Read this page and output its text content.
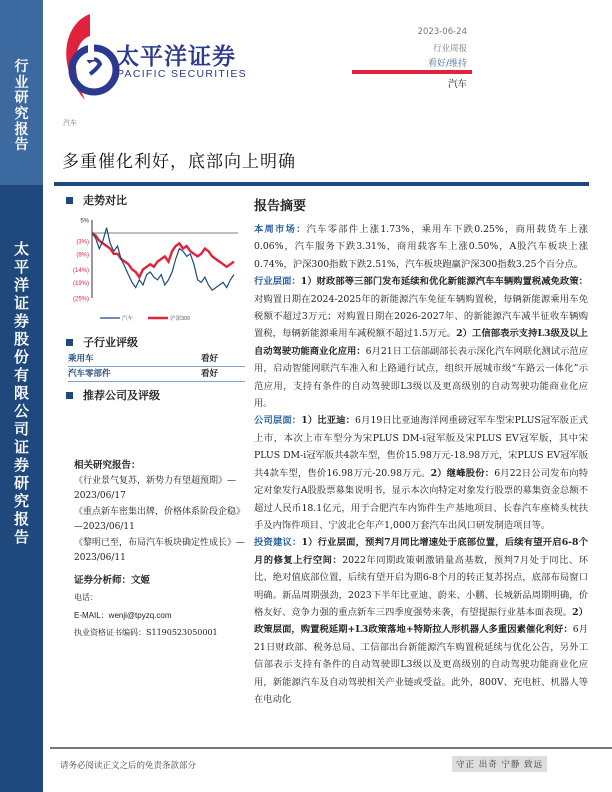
行
业
研
究
报
告
太
平
洋
证
券
股
份
有
限
公
司
证
券
研
究
报
告
太平洋证券
PACIFIC SECURITIES
2023-06-24
行业周报
看好/维持
汽车
汽车
多重催化利好，底部向上明确
走势对比
5%
(3%)
(8%)
(14%)
(19%)
(25%)
汽车	沪深300
子行业评级
乘用车	看好
汽车零部件	看好
推荐公司及评级
相关研究报告：
《行业景气复苏，新势力有望超预期》—2023/06/17
《重点新车密集出牌，价格体系阶段企稳》—2023/06/11
《黎明已至，布局汽车板块确定性成长》—2023/06/11
证券分析师：文姬
电话：
E-MAIL：wenji@tpyzq.com
执业资格证书编码：S1190523050001
报告摘要

本周市场：汽车零部件上涨1.73%，乘用车下跌0.25%，商用载货车上涨0.06%，汽车服务下跌3.31%，商用载客车上涨0.50%，A股汽车板块上涨0.74%，沪深300指数下跌2.51%，汽车板块跑赢沪深300指数3.25个百分点。

行业层面：1）财政部等三部门发布延续和优化新能源汽车车辆购置税减免政策：对购置日期在2024-2025年的新能源汽车免征车辆购置税，每辆新能源乘用车免税额不超过3万元；对购置日期在2026-2027年、的新能源汽车减半征收车辆购置税，每辆新能源乘用车减税额不超过1.5万元。2）工信部表示支持L3级及以上自动驾驶功能商业化应用：6月21日工信部副部长表示深化汽车网联化测试示范应用，启动智能网联汽车准入和上路通行试点，组织开展城市级“车路云一体化”示范应用，支持有条件的自动驾驶即L3级以及更高级别的自动驾驶功能商业化应用。

公司层面：1）比亚迪：6月19日比亚迪海洋网重磅冠军车型宋PLUS冠军版正式上市，本次上市车型分为宋PLUS DM-i冠军版及宋PLUS EV冠军版，其中宋PLUS DM-i冠军版共4款车型，售价15.98万元-18.98万元，宋PLUS EV冠军版共4款车型，售价16.98万元-20.98万元。2）继峰股份：6月22日公司发布向特定对象发行A股股票募集说明书，显示本次向特定对象发行股票的募集资金总额不超过人民币18.1亿元，用于合肥汽车内饰件生产基地项目、长春汽车座椅头枕扶手及内饰件项目、宁波北仑年产1,000万套汽车出风口研发制造项目等。

投资建议：1）行业层面，预判7月同比增速处于底部位置，后续有望开启6-8个月的修复上行空间：2022年同期政策刺激销量高基数，预判7月处于同比、环比、绝对值底部位置，后续有望开启为期6-8个月的转正复苏拐点，底部布局窗口明确。新品周期强劲，2023下半年比亚迪、蔚来、小鹏、长城新品周期明确，价格友好、竞争力强的重点新车三四季度强势来袭，有望提振行业基本面表现。2）政策层面，购置税延期+L3政策落地+特斯拉人形机器人多重因素催化利好：6月21日财政部、税务总局、工信部出台新能源汽车购置税延续与优化公告，另外工信部表示支持有条件的自动驾驶即L3级以及更高级别的自动驾驶功能商业化应用，新能源汽车及自动驾驶相关产业链或受益。此外，800V、充电桩、机器人等在电动化

请务必阅读正文之后的免责条款部分	守正 出奇 宁静 致远
